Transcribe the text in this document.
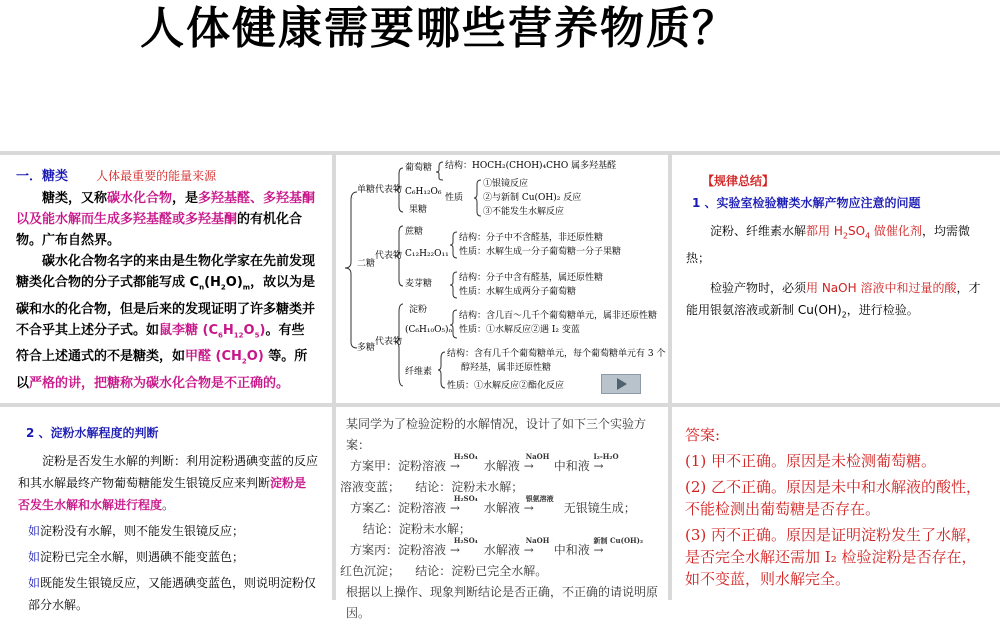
人体健康需要哪些营养物质？

一．糖类 人体最重要的能量来源

糖类，又称碳水化合物，是多羟基醛、多羟基酮以及能水解而生成多羟基醛或多羟基酮的有机化合物。广布自然界。

碳水化合物名字的来由是生物化学家在先前发现糖类化合物的分子式都能写成 $C_n(H_2O)_m$，故以为是碳和水的化合物，但是后来的发现证明了许多糖类并不合乎其上述分子式。如鼠李糖 $(C_6H_{12}O_5)$。有些符合上述通式的不是糖类，如甲醛 $(CH_2O)$ 等。所以严格的讲，把糖称为碳水化合物是不正确的。

单糖 代表物
葡萄糖
C₆H₁₂O₆
果糖
结构：HOCH₂(CHOH)₄CHO 属多羟基醛
性质
①银镜反应
②与新制 Cu(OH)₂ 反应
③不能发生水解反应
二糖
代表物
蔗糖
C₁₂H₂₂O₁₁
麦芽糖
结构：分子中不含醛基，非还原性糖
性质：水解生成一分子葡萄糖一分子果糖
结构：分子中含有醛基，属还原性糖
性质：水解生成两分子葡萄糖
多糖
代表物
淀粉
(C₆H₁₀O₅)ₙ
纤维素
结构：含几百～几千个葡萄糖单元，属非还原性糖
性质：①水解反应②遇 I₂ 变蓝
结构：含有几千个葡萄糖单元，每个葡萄糖单元有 3 个
醇羟基，属非还原性糖
性质：①水解反应②酯化反应

【规律总结】

1 、实验室检验糖类水解产物应注意的问题

淀粉、纤维素水解都用 $H_2SO_4$ 做催化剂，均需微热；

检验产物时，必须用 NaOH 溶液中和过量的酸，才能用银氨溶液或新制 $Cu(OH)_2$，进行检验。

2 、淀粉水解程度的判断

淀粉是否发生水解的判断：利用淀粉遇碘变蓝的反应和其水解最终产物葡萄糖能发生银镜反应来判断淀粉是否发生水解和水解进行程度。

如淀粉没有水解，则不能发生银镜反应；

如淀粉已完全水解，则遇碘不能变蓝色；

如既能发生银镜反应，又能遇碘变蓝色，则说明淀粉仅部分水解。

某同学为了检验淀粉的水解情况，设计了如下三个实验方案：

方案甲：淀粉溶液
H₂SO₄
→ 水解液
NaOH
→ 中和液
I₂-H₂O
→

溶液变蓝； 结论：淀粉未水解；

方案乙：淀粉溶液
H₂SO₄
→ 水解液
银氨溶液
→ 无银镜生成；

结论：淀粉未水解；

方案丙：淀粉溶液
H₂SO₄
→ 水解液
NaOH
→ 中和液
新制 Cu(OH)₂
→

红色沉淀； 结论：淀粉已完全水解。

根据以上操作、现象判断结论是否正确，不正确的请说明原因。

答案:

(1) 甲不正确。原因是未检测葡萄糖。

(2) 乙不正确。原因是未中和水解液的酸性，不能检测出葡萄糖是否存在。

(3) 丙不正确。原因是证明淀粉发生了水解，是否完全水解还需加 I₂ 检验淀粉是否存在，如不变蓝，则水解完全。
